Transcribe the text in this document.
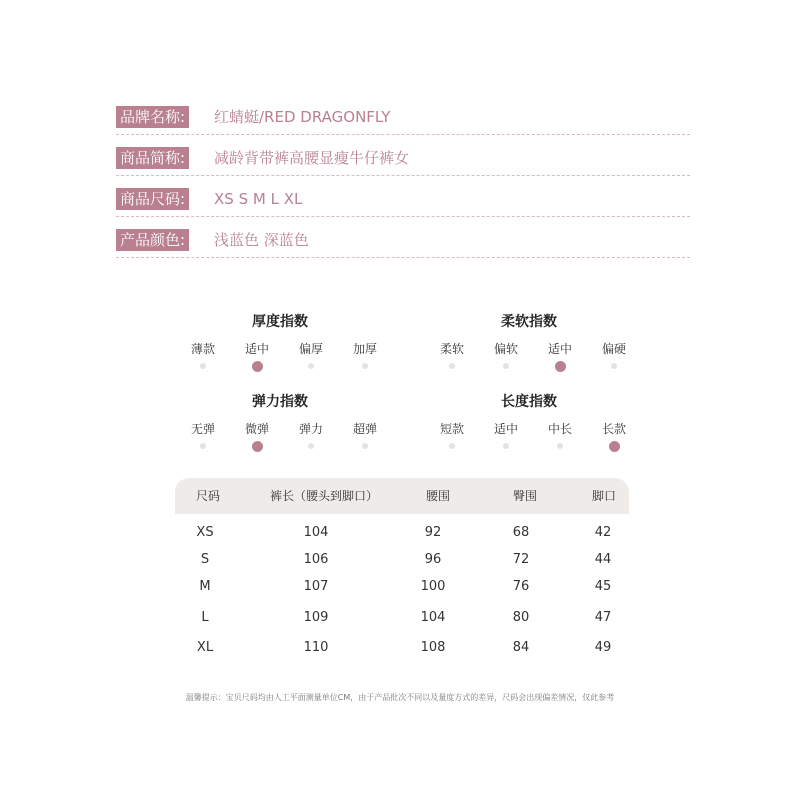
品牌名称: 红蜻蜓/RED DRAGONFLY
商品简称: 减龄背带裤高腰显瘦牛仔裤女
商品尺码: XS S M L XL
产品颜色: 浅蓝色 深蓝色
厚度指数
薄款	适中	偏厚	加厚
柔软指数
柔软	偏软	适中	偏硬
弹力指数
无弹	微弹	弹力	超弹
长度指数
短款	适中	中长	长款
尺码	裤长（腰头到脚口）	腰围	臀围	脚口
XS	104	92	68	42
S	106	96	72	44
M	107	100	76	45
L	109	104	80	47
XL	110	108	84	49
温馨提示：宝贝尺码均由人工平面测量单位CM，由于产品批次不同以及量度方式的差异，尺码会出现偏差情况，仅此参考
